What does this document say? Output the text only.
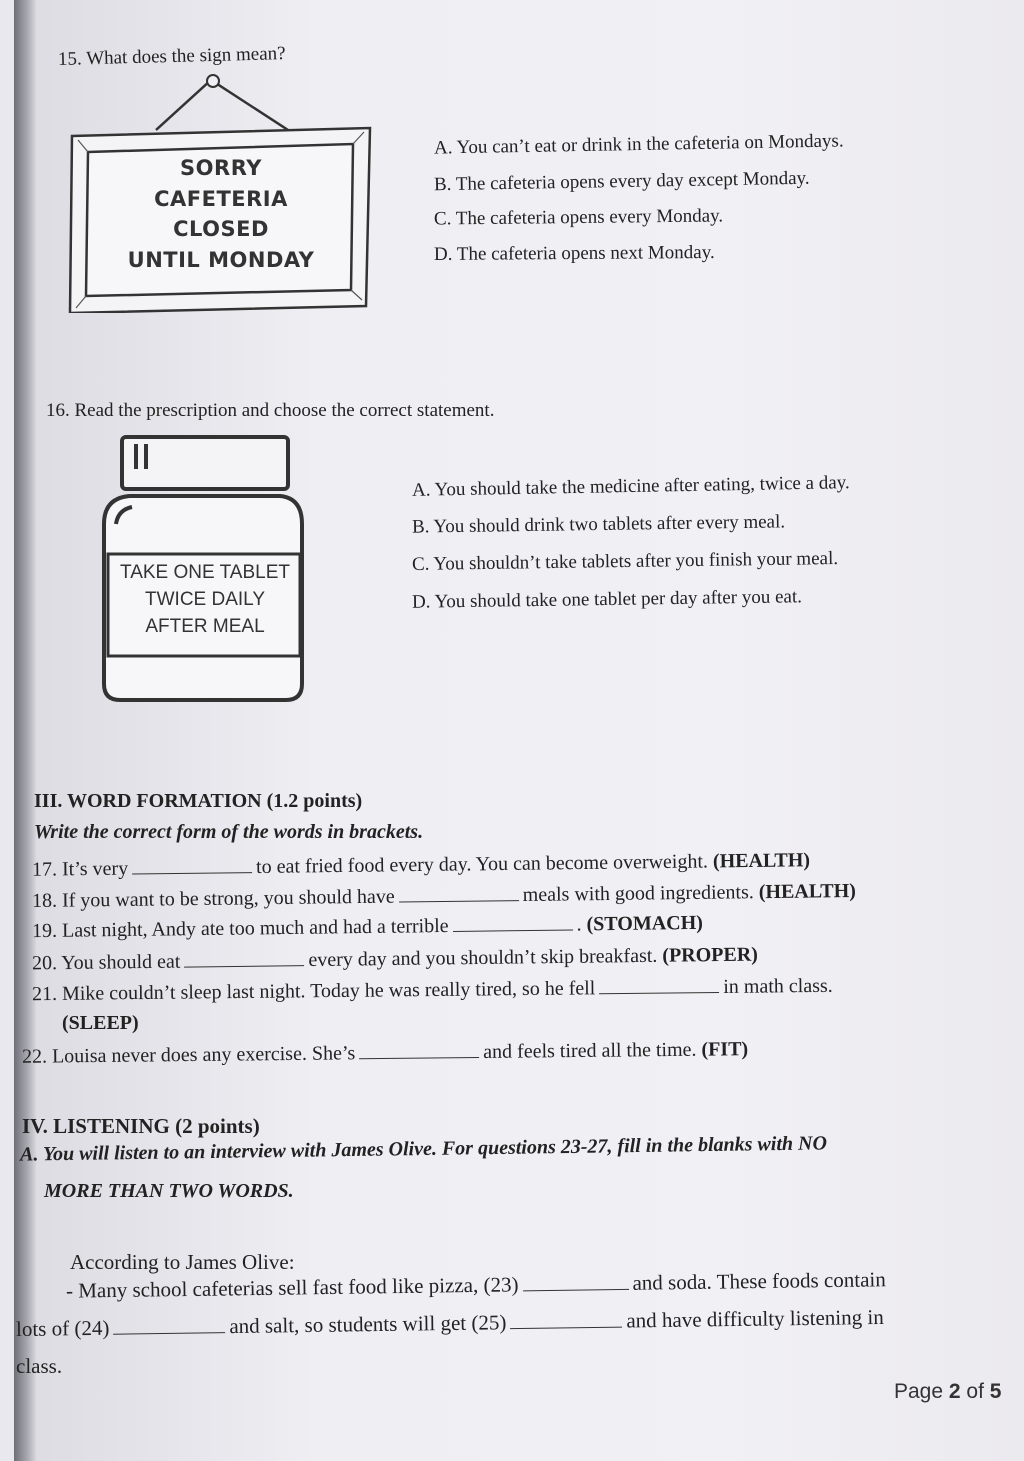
15. What does the sign mean?
SORRY
CAFETERIA
CLOSED
UNTIL MONDAY
A. You can’t eat or drink in the cafeteria on Mondays.
B. The cafeteria opens every day except Monday.
C. The cafeteria opens every Monday.
D. The cafeteria opens next Monday.
16. Read the prescription and choose the correct statement.
TAKE ONE TABLET
TWICE DAILY
AFTER MEAL
A. You should take the medicine after eating, twice a day.
B. You should drink two tablets after every meal.
C. You shouldn’t take tablets after you finish your meal.
D. You should take one tablet per day after you eat.
III. WORD FORMATION (1.2 points)
Write the correct form of the words in brackets.
17. It’s very	to eat fried food every day. You can become overweight. (HEALTH)
18. If you want to be strong, you should have	meals with good ingredients. (HEALTH)
19. Last night, Andy ate too much and had a terrible	. (STOMACH)
20. You should eat	every day and you shouldn’t skip breakfast. (PROPER)
21. Mike couldn’t sleep last night. Today he was really tired, so he fell	in math class.
(SLEEP)
22. Louisa never does any exercise. She’s	and feels tired all the time. (FIT)
IV. LISTENING (2 points)
A. You will listen to an interview with James Olive. For questions 23-27, fill in the blanks with NO
MORE THAN TWO WORDS.
According to James Olive:
- Many school cafeterias sell fast food like pizza, (23)	and soda. These foods contain
lots of (24)	and salt, so students will get (25)	and have difficulty listening in
class.
Page 2 of 5
